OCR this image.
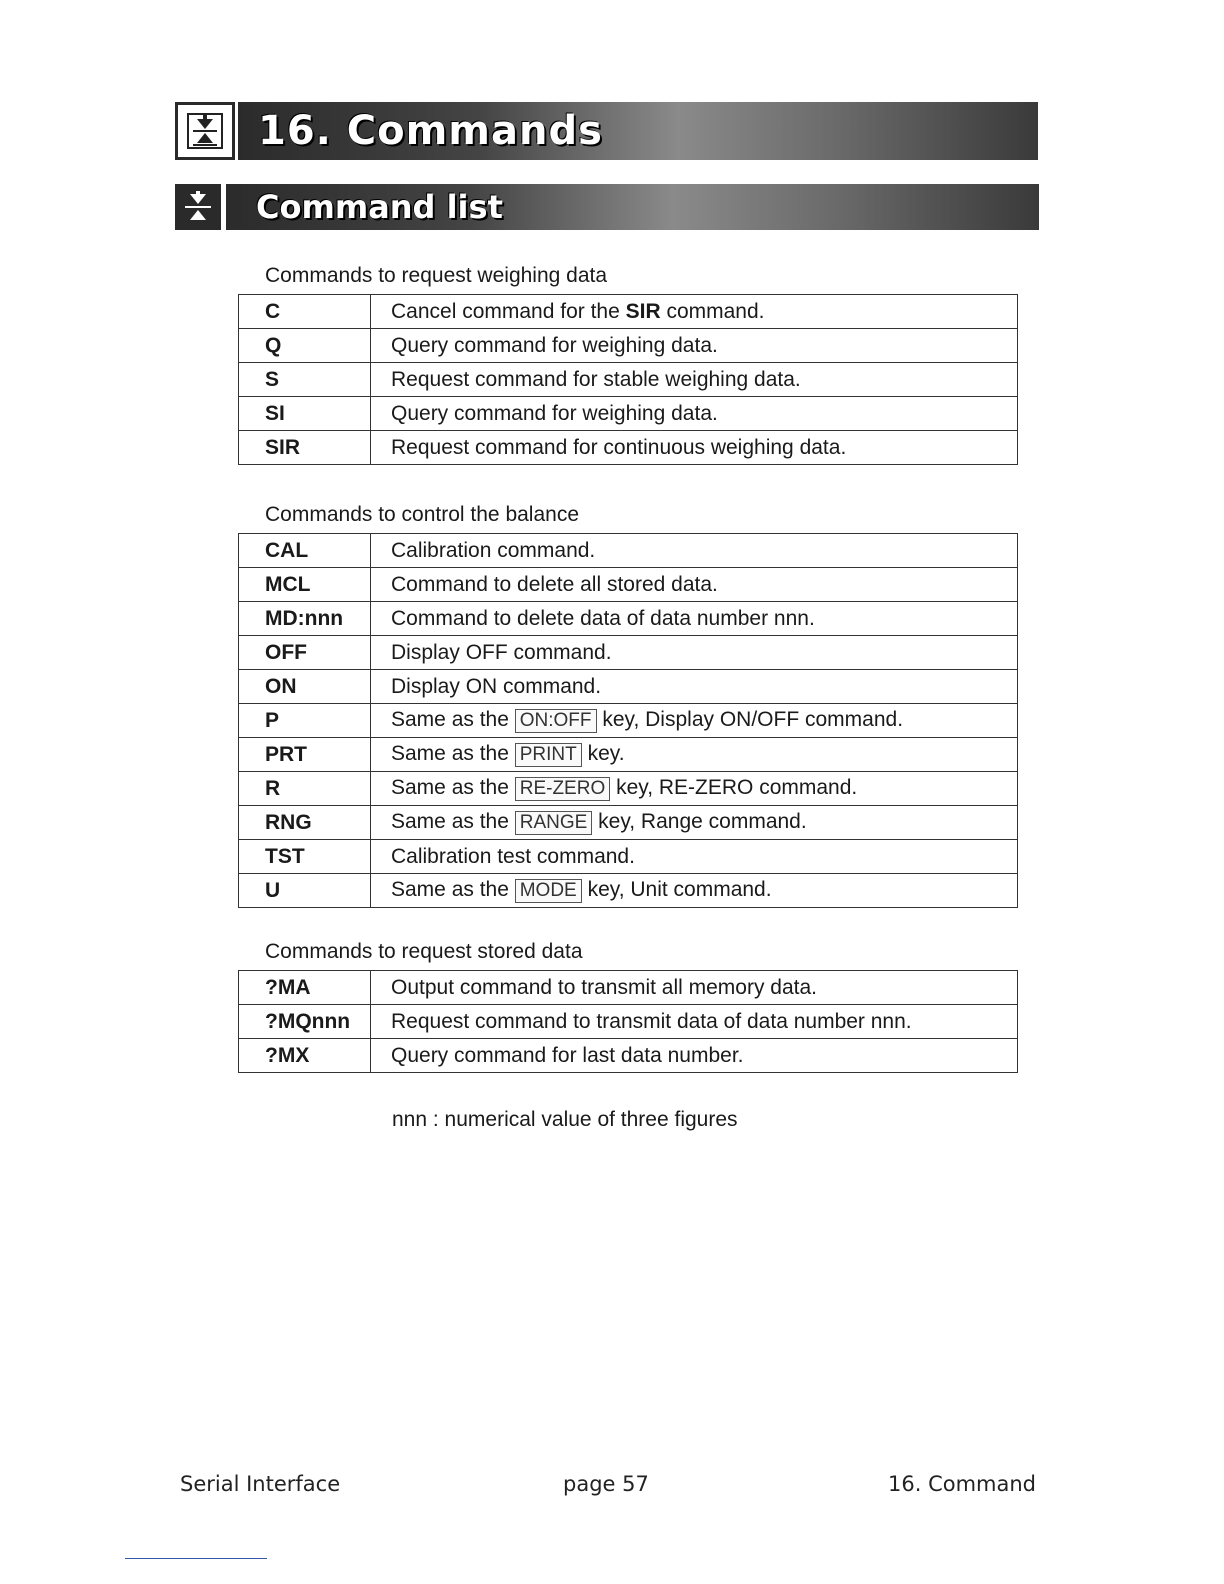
16. Commands
Command list
Commands to request weighing data
C	Cancel command for the SIR command.
Q	Query command for weighing data.
S	Request command for stable weighing data.
SI	Query command for weighing data.
SIR	Request command for continuous weighing data.
Commands to control the balance
CAL	Calibration command.
MCL	Command to delete all stored data.
MD:nnn	Command to delete data of data number nnn.
OFF	Display OFF command.
ON	Display ON command.
P	Same as the ON:OFF key, Display ON/OFF command.
PRT	Same as the PRINT key.
R	Same as the RE-ZERO key, RE-ZERO command.
RNG	Same as the RANGE key, Range command.
TST	Calibration test command.
U	Same as the MODE key, Unit command.
Commands to request stored data
?MA	Output command to transmit all memory data.
?MQnnn	Request command to transmit data of data number nnn.
?MX	Query command for last data number.
nnn : numerical value of three figures
Serial Interface	page 57	16. Command
